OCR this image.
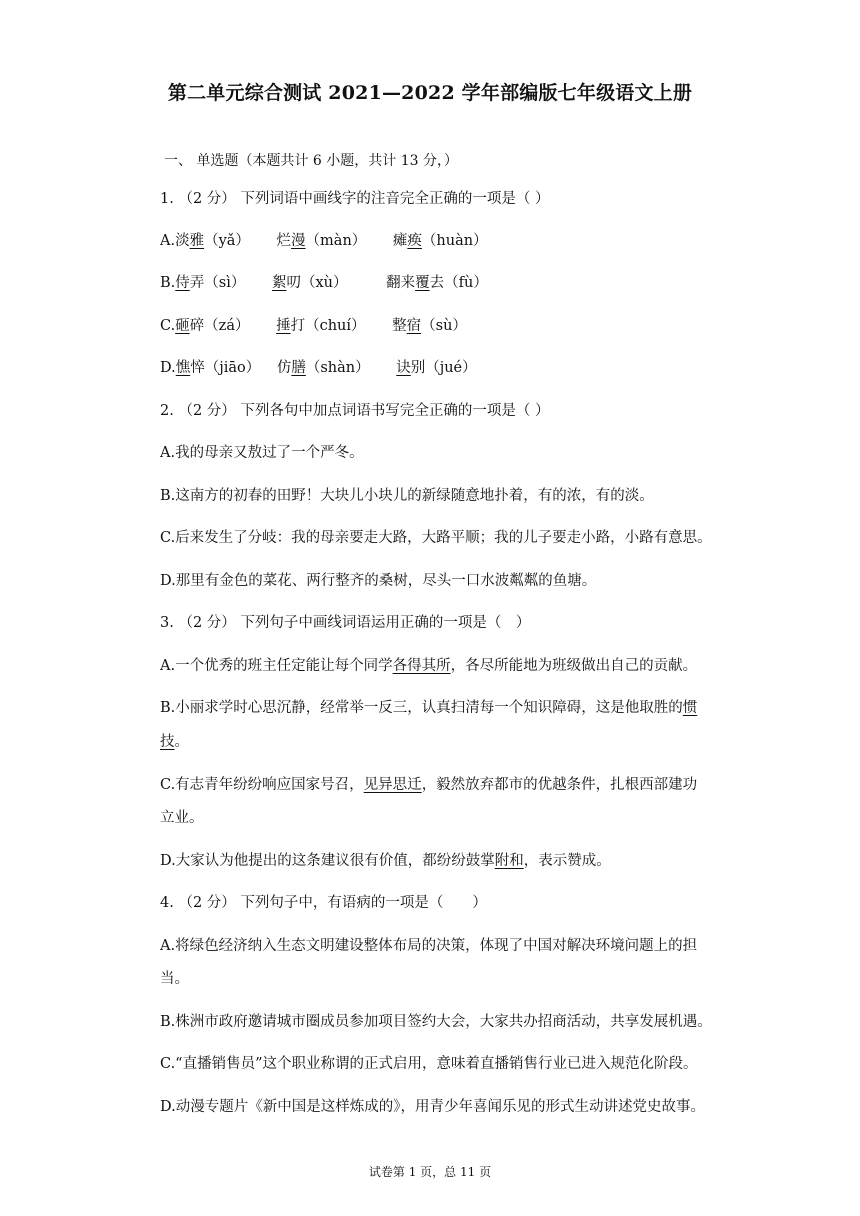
第二单元综合测试 2021—2022 学年部编版七年级语文上册
一、 单选题（本题共计 6 小题，共计 13 分，）
1. （2 分） 下列词语中画线字的注音完全正确的一项是（ ）
A.淡雅（yǎ） 烂漫（màn） 瘫痪（huàn）
B.侍弄（sì） 絮叨（xù）	翻来覆去（fù）
C.砸碎（zá） 捶打（chuí） 整宿（sù）
D.憔悴（jiāo） 仿膳（shàn） 诀别（jué）
2. （2 分） 下列各句中加点词语书写完全正确的一项是（ ）
A.我的母亲又敖过了一个严冬。
B.这南方的初春的田野！大块儿小块儿的新绿随意地扑着，有的浓，有的淡。
C.后来发生了分岐：我的母亲要走大路，大路平顺；我的儿子要走小路，小路有意思。
D.那里有金色的菜花、两行整齐的桑树，尽头一口水波粼粼的鱼塘。
3. （2 分） 下列句子中画线词语运用正确的一项是（　）
A.一个优秀的班主任定能让每个同学各得其所，各尽所能地为班级做出自己的贡献。
B.小丽求学时心思沉静，经常举一反三，认真扫清每一个知识障碍，这是他取胜的惯
技。
C.有志青年纷纷响应国家号召，见异思迁，毅然放弃都市的优越条件，扎根西部建功
立业。
D.大家认为他提出的这条建议很有价值，都纷纷鼓掌附和，表示赞成。
4. （2 分） 下列句子中，有语病的一项是（　　）
A.将绿色经济纳入生态文明建设整体布局的决策，体现了中国对解决环境问题上的担
当。
B.株洲市政府邀请城市圈成员参加项目签约大会，大家共办招商活动，共享发展机遇。
C.“直播销售员”这个职业称谓的正式启用，意味着直播销售行业已进入规范化阶段。
D.动漫专题片《新中国是这样炼成的》，用青少年喜闻乐见的形式生动讲述党史故事。
试卷第 1 页，总 11 页
